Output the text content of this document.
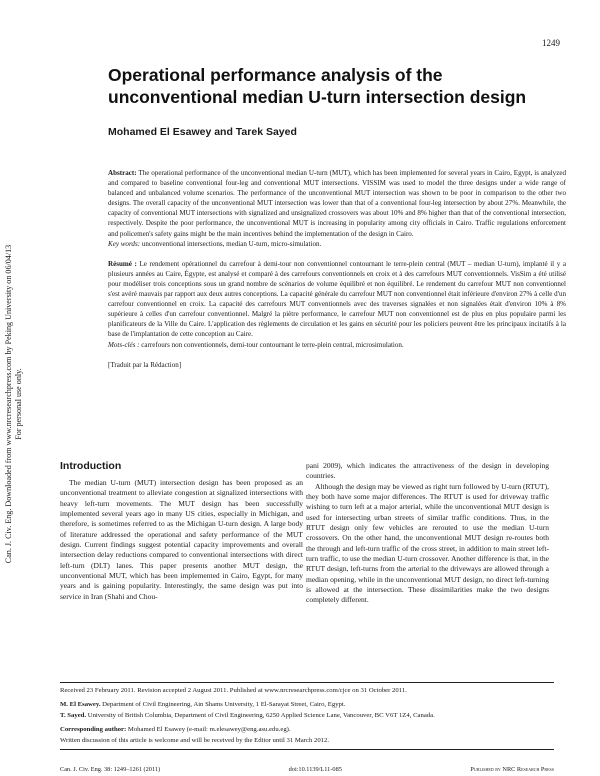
1249
Operational performance analysis of the
unconventional median U-turn intersection design
Mohamed El Esawey and Tarek Sayed
Can. J. Civ. Eng. Downloaded from www.nrcresearchpress.com by Peking University on 06/04/13 For personal use only.

Abstract: The operational performance of the unconventional median U-turn (MUT), which has been implemented for several years in Cairo, Egypt, is analyzed and compared to baseline conventional four-leg and conventional MUT intersections. VISSIM was used to model the three designs under a wide range of balanced and unbalanced volume scenarios. The performance of the unconventional MUT intersection was shown to be poor in comparison to the other two designs. The overall capacity of the unconventional MUT intersection was lower than that of a conventional four-leg intersection by about 27%. Meanwhile, the capacity of conventional MUT intersections with signalized and unsignalized crossovers was about 10% and 8% higher than that of the conventional intersection, respectively. Despite the poor performance, the unconventional MUT is increasing in popularity among city officials in Cairo. Traffic regulations enforcement and policemen's safety gains might be the main incentives behind the implementation of the design in Cairo.

Key words: unconventional intersections, median U-turn, micro-simulation.

Résumé : Le rendement opérationnel du carrefour à demi-tour non conventionnel contournant le terre-plein central (MUT – median U-turn), implanté il y a plusieurs années au Caire, Égypte, est analysé et comparé à des carrefours conventionnels en croix et à des carrefours MUT conventionnels. VisSim a été utilisé pour modéliser trois conceptions sous un grand nombre de scénarios de volume équilibré et non équilibré. Le rendement du carrefour MUT non conventionnel s'est avéré mauvais par rapport aux deux autres conceptions. La capacité générale du carrefour MUT non conventionnel était inférieure d'environ 27% à celle d'un carrefour conventionnel en croix. La capacité des carrefours MUT conventionnels avec des traverses signalées et non signalées était d'environ 10% à 8% supérieure à celles d'un carrefour conventionnel. Malgré la piètre performance, le carrefour MUT non conventionnel est de plus en plus populaire parmi les planificateurs de la Ville du Caire. L'application des règlements de circulation et les gains en sécurité pour les policiers peuvent être les principaux incitatifs à la base de l'implantation de cette conception au Caire.

Mots-clés : carrefours non conventionnels, demi-tour contournant le terre-plein central, microsimulation.

[Traduit par la Rédaction]

Introduction

The median U-turn (MUT) intersection design has been proposed as an unconventional treatment to alleviate congestion at signalized intersections with heavy left-turn movements. The MUT design has been successfully implemented several years ago in many US cities, especially in Michigan, and therefore, is sometimes referred to as the Michigan U-turn design. A large body of literature addressed the operational and safety performance of the MUT design. Current findings suggest potential capacity improvements and overall intersection delay reductions compared to conventional intersections with direct left-turn (DLT) lanes. This paper presents another MUT design, the unconventional MUT, which has been implemented in Cairo, Egypt, for many years and is gaining popularity. Interestingly, the same design was put into service in Iran (Shahi and Chou-

pani 2009), which indicates the attractiveness of the design in developing countries.

Although the design may be viewed as right turn followed by U-turn (RTUT), they both have some major differences. The RTUT is used for driveway traffic wishing to turn left at a major arterial, while the unconventional MUT design is used for intersecting urban streets of similar traffic conditions. Thus, in the RTUT design only few vehicles are rerouted to use the median U-turn crossovers. On the other hand, the unconventional MUT design re-routes both the through and left-turn traffic of the cross street, in addition to main street left-turn traffic, to use the median U-turn crossover. Another difference is that, in the RTUT design, left-turns from the arterial to the driveways are allowed through a median opening, while in the unconventional MUT design, no direct left-turning is allowed at the intersection. These dissimilarities make the two designs completely different.

Received 23 February 2011. Revision accepted 2 August 2011. Published at www.nrcresearchpress.com/cjce on 31 October 2011.

M. El Esawey. Department of Civil Engineering, Ain Shams University, 1 El-Sarayat Street, Cairo, Egypt.

T. Sayed. University of British Columbia, Department of Civil Engineering, 6250 Applied Science Lane, Vancouver, BC V6T 1Z4, Canada.

Corresponding author: Mohamed El Esawey (e-mail: m.elesawey@eng.asu.edu.eg).

Written discussion of this article is welcome and will be received by the Editor until 31 March 2012.

Can. J. Civ. Eng. 38: 1249–1261 (2011)	doi:10.1139/L11-085	Published by NRC Research Press
